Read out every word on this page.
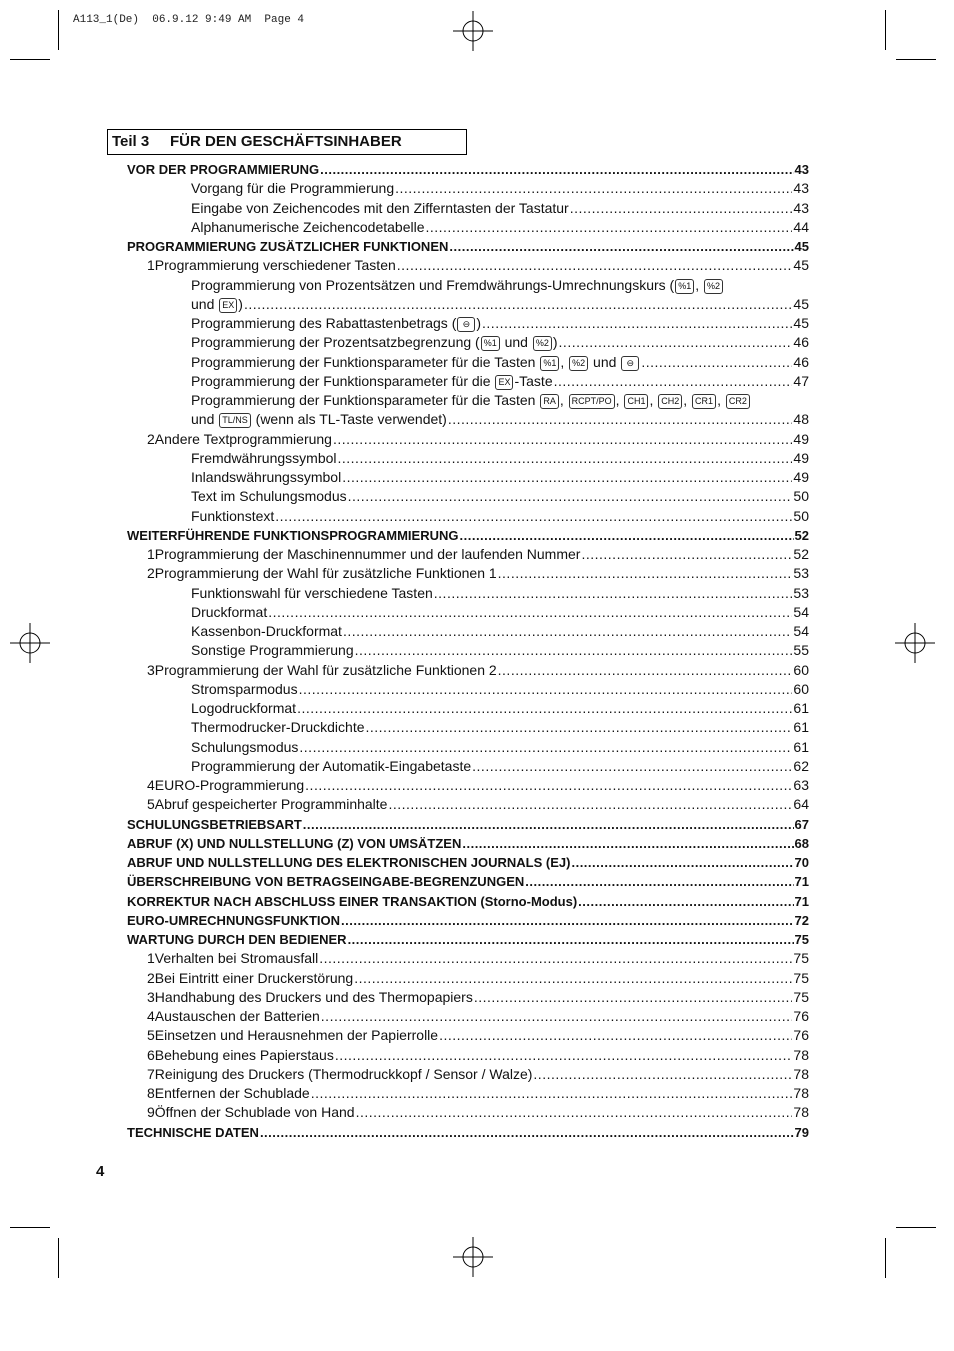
A113_1(De)  06.9.12 9:49 AM  Page 4
Teil 3 FÜR DEN GESCHÄFTSINHABER
VOR DER PROGRAMMIERUNG .....	43
Vorgang für die Programmierung .....	43
Eingabe von Zeichencodes mit den Zifferntasten der Tastatur .....	43
Alphanumerische Zeichencodetabelle .....	44
PROGRAMMIERUNG ZUSÄTZLICHER FUNKTIONEN .....	45
1 Programmierung verschiedener Tasten .....	45
Programmierung von Prozentsätzen und Fremdwährungs-Umrechnungskurs ( %1 , %2
und EX ) .....	45
Programmierung des Rabattastenbetrags ( ⊖ ) .....	45
Programmierung der Prozentsatzbegrenzung ( %1 und %2 ) .....	46
Programmierung der Funktionsparameter für die Tasten %1 , %2 und ⊖ .....	46
Programmierung der Funktionsparameter für die EX -Taste .....	47
Programmierung der Funktionsparameter für die Tasten RA , RCPT/PO , CH1 , CH2 , CR1 , CR2
und TL/NS (wenn als TL-Taste verwendet) .....	48
2 Andere Textprogrammierung .....	49
Fremdwährungssymbol .....	49
Inlandswährungssymbol .....	49
Text im Schulungsmodus .....	50
Funktionstext .....	50
WEITERFÜHRENDE FUNKTIONSPROGRAMMIERUNG .....	52
1 Programmierung der Maschinennummer und der laufenden Nummer .....	52
2 Programmierung der Wahl für zusätzliche Funktionen 1 .....	53
Funktionswahl für verschiedene Tasten .....	53
Druckformat .....	54
Kassenbon-Druckformat .....	54
Sonstige Programmierung .....	55
3 Programmierung der Wahl für zusätzliche Funktionen 2 .....	60
Stromsparmodus .....	60
Logodruckformat .....	61
Thermodrucker-Druckdichte .....	61
Schulungsmodus .....	61
Programmierung der Automatik-Eingabetaste .....	62
4 EURO-Programmierung .....	63
5 Abruf gespeicherter Programminhalte .....	64
SCHULUNGSBETRIEBSART .....	67
ABRUF (X) UND NULLSTELLUNG (Z) VON UMSÄTZEN .....	68
ABRUF UND NULLSTELLUNG DES ELEKTRONISCHEN JOURNALS (EJ) .....	70
ÜBERSCHREIBUNG VON BETRAGSEINGABE-BEGRENZUNGEN .....	71
KORREKTUR NACH ABSCHLUSS EINER TRANSAKTION (Storno-Modus) .....	71
EURO-UMRECHNUNGSFUNKTION .....	72
WARTUNG DURCH DEN BEDIENER .....	75
1 Verhalten bei Stromausfall .....	75
2 Bei Eintritt einer Druckerstörung .....	75
3 Handhabung des Druckers und des Thermopapiers .....	75
4 Austauschen der Batterien .....	76
5 Einsetzen und Herausnehmen der Papierrolle .....	76
6 Behebung eines Papierstaus .....	78
7 Reinigung des Druckers (Thermodruckkopf / Sensor / Walze) .....	78
8 Entfernen der Schublade .....	78
9 Öffnen der Schublade von Hand .....	78
TECHNISCHE DATEN .....	79
4
